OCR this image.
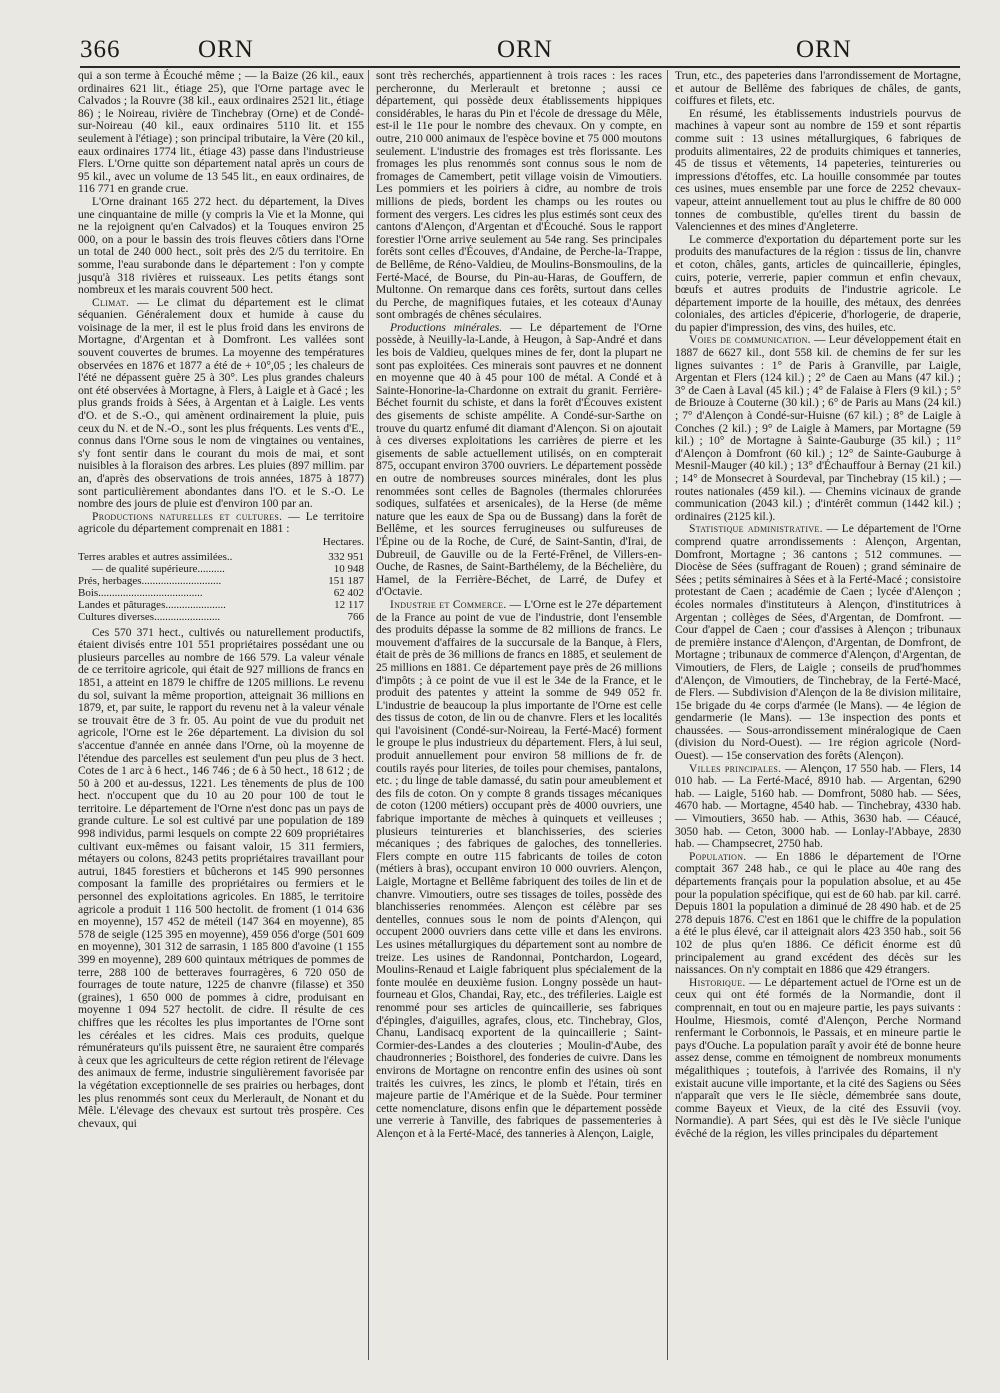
366	ORN	ORN	ORN

qui a son terme à Écouché même ; — la Baize (26 kil., eaux ordinaires 621 lit., étiage 25), que l'Orne partage avec le Calvados ; la Rouvre (38 kil., eaux ordinaires 2521 lit., étiage 86) ; le Noireau, rivière de Tinchebray (Orne) et de Condé-sur-Noireau (40 kil., eaux ordinaires 5110 lit. et 155 seulement à l'étiage) ; son principal tributaire, la Vère (20 kil., eaux ordinaires 1774 lit., étiage 43) passe dans l'industrieuse Flers. L'Orne quitte son département natal après un cours de 95 kil., avec un volume de 13 545 lit., en eaux ordinaires, de 116 771 en grande crue.

L'Orne drainant 165 272 hect. du département, la Dives une cinquantaine de mille (y compris la Vie et la Monne, qui ne la rejoignent qu'en Calvados) et la Touques environ 25 000, on a pour le bassin des trois fleuves côtiers dans l'Orne un total de 240 000 hect., soit près des 2/5 du territoire. En somme, l'eau surabonde dans le département : l'on y compte jusqu'à 318 rivières et ruisseaux. Les petits étangs sont nombreux et les marais couvrent 500 hect.

Climat. — Le climat du département est le climat séquanien. Généralement doux et humide à cause du voisinage de la mer, il est le plus froid dans les environs de Mortagne, d'Argentan et à Domfront. Les vallées sont souvent couvertes de brumes. La moyenne des températures observées en 1876 et 1877 a été de + 10°,05 ; les chaleurs de l'été ne dépassent guère 25 à 30°. Les plus grandes chaleurs ont été observées à Mortagne, à Flers, à Laigle et à Gacé ; les plus grands froids à Sées, à Argentan et à Laigle. Les vents d'O. et de S.-O., qui amènent ordinairement la pluie, puis ceux du N. et de N.-O., sont les plus fréquents. Les vents d'E., connus dans l'Orne sous le nom de vingtaines ou ventaines, s'y font sentir dans le courant du mois de mai, et sont nuisibles à la floraison des arbres. Les pluies (897 millim. par an, d'après des observations de trois années, 1875 à 1877) sont particulièrement abondantes dans l'O. et le S.-O. Le nombre des jours de pluie est d'environ 100 par an.

Productions naturelles et cultures. — Le territoire agricole du département comprenait en 1881 :

Hectares.
Terres arables et autres assimilées..	332 951
— de qualité supérieure..........	10 948
Prés, herbages.............................	151 187
Bois......................................	62 402
Landes et pâturages......................	12 117
Cultures diverses........................	766

Ces 570 371 hect., cultivés ou naturellement productifs, étaient divisés entre 101 551 propriétaires possédant une ou plusieurs parcelles au nombre de 166 579. La valeur vénale de ce territoire agricole, qui était de 927 millions de francs en 1851, a atteint en 1879 le chiffre de 1205 millions. Le revenu du sol, suivant la même proportion, atteignait 36 millions en 1879, et, par suite, le rapport du revenu net à la valeur vénale se trouvait être de 3 fr. 05. Au point de vue du produit net agricole, l'Orne est le 26e département. La division du sol s'accentue d'année en année dans l'Orne, où la moyenne de l'étendue des parcelles est seulement d'un peu plus de 3 hect. Cotes de 1 arc à 6 hect., 146 746 ; de 6 à 50 hect., 18 612 ; de 50 à 200 et au-dessus, 1221. Les tènements de plus de 100 hect. n'occupent que du 10 au 20 pour 100 de tout le territoire. Le département de l'Orne n'est donc pas un pays de grande culture. Le sol est cultivé par une population de 189 998 individus, parmi lesquels on compte 22 609 propriétaires cultivant eux-mêmes ou faisant valoir, 15 311 fermiers, métayers ou colons, 8243 petits propriétaires travaillant pour autrui, 1845 forestiers et bûcherons et 145 990 personnes composant la famille des propriétaires ou fermiers et le personnel des exploitations agricoles. En 1885, le territoire agricole a produit 1 116 500 hectolit. de froment (1 014 636 en moyenne), 157 452 de méteil (147 364 en moyenne), 85 578 de seigle (125 395 en moyenne), 459 056 d'orge (501 609 en moyenne), 301 312 de sarrasin, 1 185 800 d'avoine (1 155 399 en moyenne), 289 600 quintaux métriques de pommes de terre, 288 100 de betteraves fourragères, 6 720 050 de fourrages de toute nature, 1225 de chanvre (filasse) et 350 (graines), 1 650 000 de pommes à cidre, produisant en moyenne 1 094 527 hectolit. de cidre. Il résulte de ces chiffres que les récoltes les plus importantes de l'Orne sont les céréales et les cidres. Mais ces produits, quelque rémunérateurs qu'ils puissent être, ne sauraient être comparés à ceux que les agriculteurs de cette région retirent de l'élevage des animaux de ferme, industrie singulièrement favorisée par la végétation exceptionnelle de ses prairies ou herbages, dont les plus renommés sont ceux du Merlerault, de Nonant et du Mêle. L'élevage des chevaux est surtout très prospère. Ces chevaux, qui

sont très recherchés, appartiennent à trois races : les races percheronne, du Merlerault et bretonne ; aussi ce département, qui possède deux établissements hippiques considérables, le haras du Pin et l'école de dressage du Mêle, est-il le 11e pour le nombre des chevaux. On y compte, en outre, 210 000 animaux de l'espèce bovine et 75 000 moutons seulement. L'industrie des fromages est très florissante. Les fromages les plus renommés sont connus sous le nom de fromages de Camembert, petit village voisin de Vimoutiers. Les pommiers et les poiriers à cidre, au nombre de trois millions de pieds, bordent les champs ou les routes ou forment des vergers. Les cidres les plus estimés sont ceux des cantons d'Alençon, d'Argentan et d'Écouché. Sous le rapport forestier l'Orne arrive seulement au 54e rang. Ses principales forêts sont celles d'Écouves, d'Andaine, de Perche-la-Trappe, de Bellême, de Réno-Valdieu, de Moulins-Bonsmoulins, de la Ferté-Macé, de Bourse, du Pin-au-Haras, de Gouffern, de Multonne. On remarque dans ces forêts, surtout dans celles du Perche, de magnifiques futaies, et les coteaux d'Aunay sont ombragés de chênes séculaires.

Productions minérales. — Le département de l'Orne possède, à Neuilly-la-Lande, à Heugon, à Sap-André et dans les bois de Valdieu, quelques mines de fer, dont la plupart ne sont pas exploitées. Ces minerais sont pauvres et ne donnent en moyenne que 40 à 45 pour 100 de métal. A Condé et à Sainte-Honorine-la-Chardonne on extrait du granit. Ferrière-Béchet fournit du schiste, et dans la forêt d'Écouves existent des gisements de schiste ampélite. A Condé-sur-Sarthe on trouve du quartz enfumé dit diamant d'Alençon. Si on ajoutait à ces diverses exploitations les carrières de pierre et les gisements de sable actuellement utilisés, on en compterait 875, occupant environ 3700 ouvriers. Le département possède en outre de nombreuses sources minérales, dont les plus renommées sont celles de Bagnoles (thermales chlorurées sodiques, sulfatées et arsenicales), de la Herse (de même nature que les eaux de Spa ou de Bussang) dans la forêt de Bellême, et les sources ferrugineuses ou sulfureuses de l'Épine ou de la Roche, de Curé, de Saint-Santin, d'Irai, de Dubreuil, de Gauville ou de la Ferté-Frênel, de Villers-en-Ouche, de Rasnes, de Saint-Barthélemy, de la Béchelière, du Hamel, de la Ferrière-Béchet, de Larré, de Dufey et d'Octavie.

Industrie et Commerce. — L'Orne est le 27e département de la France au point de vue de l'industrie, dont l'ensemble des produits dépasse la somme de 82 millions de francs. Le mouvement d'affaires de la succursale de la Banque, à Flers, était de près de 36 millions de francs en 1885, et seulement de 25 millions en 1881. Ce département paye près de 26 millions d'impôts ; à ce point de vue il est le 34e de la France, et le produit des patentes y atteint la somme de 949 052 fr. L'industrie de beaucoup la plus importante de l'Orne est celle des tissus de coton, de lin ou de chanvre. Flers et les localités qui l'avoisinent (Condé-sur-Noireau, la Ferté-Macé) forment le groupe le plus industrieux du département. Flers, à lui seul, produit annuellement pour environ 58 millions de fr. de coutils rayés pour literies, de toiles pour chemises, pantalons, etc. ; du linge de table damassé, du satin pour ameublement et des fils de coton. On y compte 8 grands tissages mécaniques de coton (1200 métiers) occupant près de 4000 ouvriers, une fabrique importante de mèches à quinquets et veilleuses ; plusieurs teintureries et blanchisseries, des scieries mécaniques ; des fabriques de galoches, des tonnelleries. Flers compte en outre 115 fabricants de toiles de coton (métiers à bras), occupant environ 10 000 ouvriers. Alençon, Laigle, Mortagne et Bellême fabriquent des toiles de lin et de chanvre. Vimoutiers, outre ses tissages de toiles, possède des blanchisseries renommées. Alençon est célèbre par ses dentelles, connues sous le nom de points d'Alençon, qui occupent 2000 ouvriers dans cette ville et dans les environs. Les usines métallurgiques du département sont au nombre de treize. Les usines de Randonnai, Pontchardon, Logeard, Moulins-Renaud et Laigle fabriquent plus spécialement de la fonte moulée en deuxième fusion. Longny possède un haut-fourneau et Glos, Chandai, Ray, etc., des tréfileries. Laigle est renommé pour ses articles de quincaillerie, ses fabriques d'épingles, d'aiguilles, agrafes, clous, etc. Tinchebray, Glos, Chanu, Landisacq exportent de la quincaillerie ; Saint-Cormier-des-Landes a des clouteries ; Moulin-d'Aube, des chaudronneries ; Boisthorel, des fonderies de cuivre. Dans les environs de Mortagne on rencontre enfin des usines où sont traités les cuivres, les zincs, le plomb et l'étain, tirés en majeure partie de l'Amérique et de la Suède. Pour terminer cette nomenclature, disons enfin que le département possède une verrerie à Tanville, des fabriques de passementeries à Alençon et à la Ferté-Macé, des tanneries à Alençon, Laigle,

Trun, etc., des papeteries dans l'arrondissement de Mortagne, et autour de Bellême des fabriques de châles, de gants, coiffures et filets, etc.

En résumé, les établissements industriels pourvus de machines à vapeur sont au nombre de 159 et sont répartis comme suit : 13 usines métallurgiques, 6 fabriques de produits alimentaires, 22 de produits chimiques et tanneries, 45 de tissus et vêtements, 14 papeteries, teintureries ou impressions d'étoffes, etc. La houille consommée par toutes ces usines, mues ensemble par une force de 2252 chevaux-vapeur, atteint annuellement tout au plus le chiffre de 80 000 tonnes de combustible, qu'elles tirent du bassin de Valenciennes et des mines d'Angleterre.

Le commerce d'exportation du département porte sur les produits des manufactures de la région : tissus de lin, chanvre et coton, châles, gants, articles de quincaillerie, épingles, cuirs, poterie, verrerie, papier commun et enfin chevaux, bœufs et autres produits de l'industrie agricole. Le département importe de la houille, des métaux, des denrées coloniales, des articles d'épicerie, d'horlogerie, de draperie, du papier d'impression, des vins, des huiles, etc.

Voies de communication. — Leur développement était en 1887 de 6627 kil., dont 558 kil. de chemins de fer sur les lignes suivantes : 1° de Paris à Granville, par Laigle, Argentan et Flers (124 kil.) ; 2° de Caen au Mans (47 kil.) ; 3° de Caen à Laval (45 kil.) ; 4° de Falaise à Flers (9 kil.) ; 5° de Briouze à Couterne (30 kil.) ; 6° de Paris au Mans (24 kil.) ; 7° d'Alençon à Condé-sur-Huisne (67 kil.) ; 8° de Laigle à Conches (2 kil.) ; 9° de Laigle à Mamers, par Mortagne (59 kil.) ; 10° de Mortagne à Sainte-Gauburge (35 kil.) ; 11° d'Alençon à Domfront (60 kil.) ; 12° de Sainte-Gauburge à Mesnil-Mauger (40 kil.) ; 13° d'Échauffour à Bernay (21 kil.) ; 14° de Monsecret à Sourdeval, par Tinchebray (15 kil.) ; — routes nationales (459 kil.). — Chemins vicinaux de grande communication (2043 kil.) ; d'intérêt commun (1442 kil.) ; ordinaires (2125 kil.).

Statistique administrative. — Le département de l'Orne comprend quatre arrondissements : Alençon, Argentan, Domfront, Mortagne ; 36 cantons ; 512 communes. — Diocèse de Sées (suffragant de Rouen) ; grand séminaire de Sées ; petits séminaires à Sées et à la Ferté-Macé ; consistoire protestant de Caen ; académie de Caen ; lycée d'Alençon ; écoles normales d'instituteurs à Alençon, d'institutrices à Argentan ; collèges de Sées, d'Argentan, de Domfront. — Cour d'appel de Caen ; cour d'assises à Alençon ; tribunaux de première instance d'Alençon, d'Argentan, de Domfront, de Mortagne ; tribunaux de commerce d'Alençon, d'Argentan, de Vimoutiers, de Flers, de Laigle ; conseils de prud'hommes d'Alençon, de Vimoutiers, de Tinchebray, de la Ferté-Macé, de Flers. — Subdivision d'Alençon de la 8e division militaire, 15e brigade du 4e corps d'armée (le Mans). — 4e légion de gendarmerie (le Mans). — 13e inspection des ponts et chaussées. — Sous-arrondissement minéralogique de Caen (division du Nord-Ouest). — 1re région agricole (Nord-Ouest). — 15e conservation des forêts (Alençon).

Villes principales. — Alençon, 17 550 hab. — Flers, 14 010 hab. — La Ferté-Macé, 8910 hab. — Argentan, 6290 hab. — Laigle, 5160 hab. — Domfront, 5080 hab. — Sées, 4670 hab. — Mortagne, 4540 hab. — Tinchebray, 4330 hab. — Vimoutiers, 3650 hab. — Athis, 3630 hab. — Céaucé, 3050 hab. — Ceton, 3000 hab. — Lonlay-l'Abbaye, 2830 hab. — Champsecret, 2750 hab.

Population. — En 1886 le département de l'Orne comptait 367 248 hab., ce qui le place au 40e rang des départements français pour la population absolue, et au 45e pour la population spécifique, qui est de 60 hab. par kil. carré. Depuis 1801 la population a diminué de 28 490 hab. et de 25 278 depuis 1876. C'est en 1861 que le chiffre de la population a été le plus élevé, car il atteignait alors 423 350 hab., soit 56 102 de plus qu'en 1886. Ce déficit énorme est dû principalement au grand excédent des décès sur les naissances. On n'y comptait en 1886 que 429 étrangers.

Historique. — Le département actuel de l'Orne est un de ceux qui ont été formés de la Normandie, dont il comprennait, en tout ou en majeure partie, les pays suivants : Houlme, Hiesmois, comté d'Alençon, Perche Normand renfermant le Corbonnois, le Passais, et en mineure partie le pays d'Ouche. La population paraît y avoir été de bonne heure assez dense, comme en témoignent de nombreux monuments mégalithiques ; toutefois, à l'arrivée des Romains, il n'y existait aucune ville importante, et la cité des Sagiens ou Sées n'apparaît que vers le IIe siècle, démembrée sans doute, comme Bayeux et Vieux, de la cité des Essuvii (voy. Normandie). A part Sées, qui est dès le IVe siècle l'unique évêché de la région, les villes principales du département
